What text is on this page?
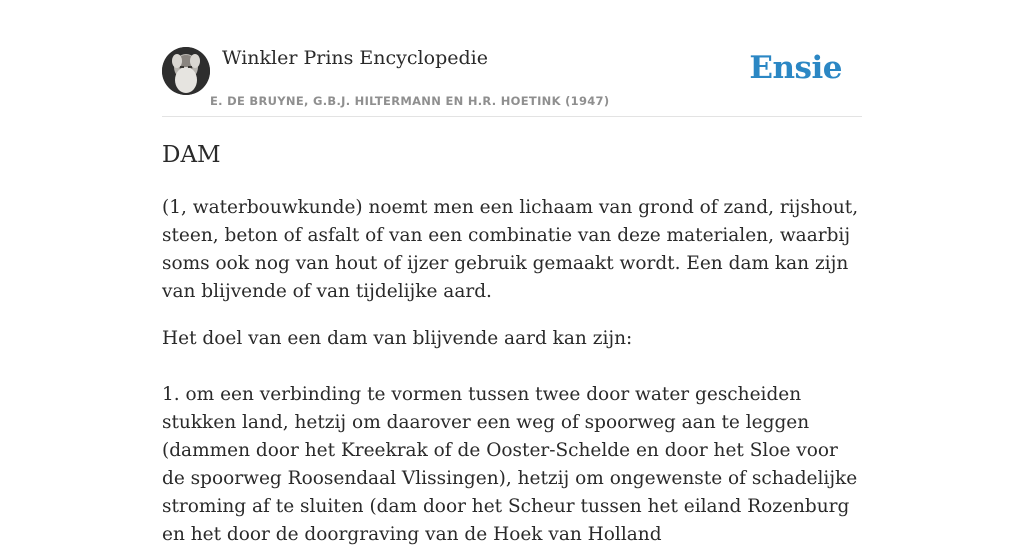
Winkler Prins Encyclopedie
E. DE BRUYNE, G.B.J. HILTERMANN EN H.R. HOETINK (1947)
Ensie
DAM

(1, waterbouwkunde) noemt men een lichaam van grond of zand, rijshout, steen, beton of asfalt of van een combinatie van deze materialen, waarbij soms ook nog van hout of ijzer gebruik gemaakt wordt. Een dam kan zijn van blijvende of van tijdelijke aard.

Het doel van een dam van blijvende aard kan zijn:

1. om een verbinding te vormen tussen twee door water gescheiden stukken land, hetzij om daarover een weg of spoorweg aan te leggen (dammen door het Kreekrak of de Ooster-Schelde en door het Sloe voor de spoorweg Roosendaal Vlissingen), hetzij om ongewenste of schadelijke stroming af te sluiten (dam door het Scheur tussen het eiland Rozenburg en het door de doorgraving van de Hoek van Holland
